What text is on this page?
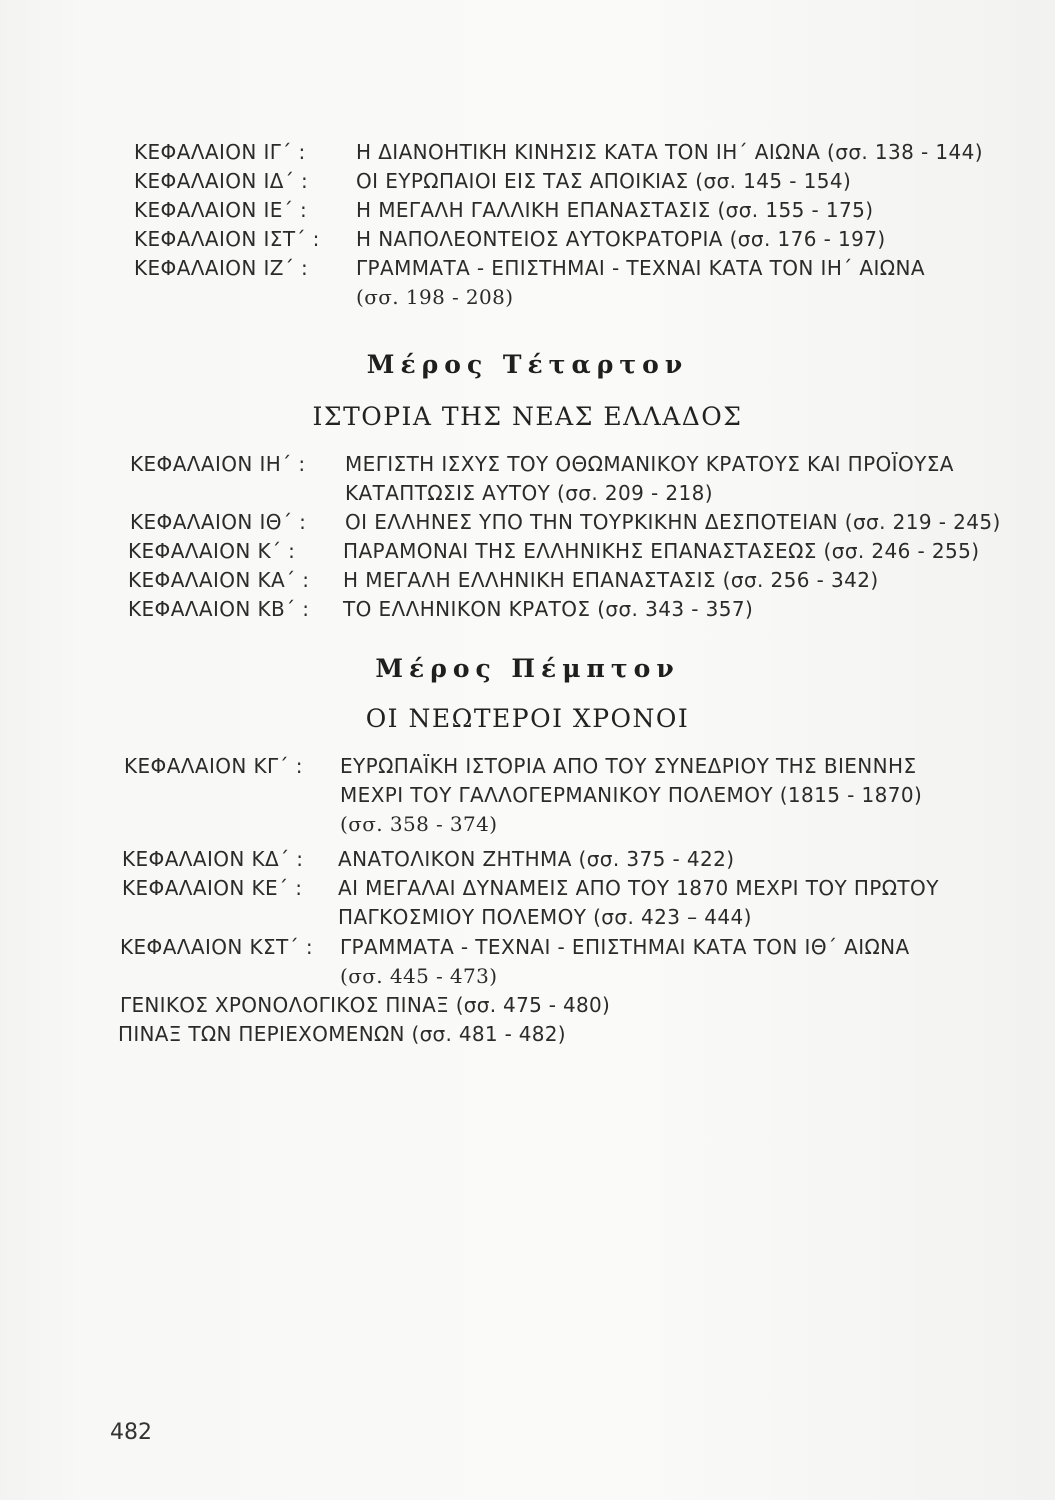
ΚΕΦΑΛΑΙΟΝ ΙΓ΄ :	Η ΔΙΑΝΟΗΤΙΚΗ ΚΙΝΗΣΙΣ ΚΑΤΑ ΤΟΝ ΙΗ΄ ΑΙΩΝΑ (σσ. 138 - 144)
ΚΕΦΑΛΑΙΟΝ ΙΔ΄ : ΟΙ ΕΥΡΩΠΑΙΟΙ ΕΙΣ ΤΑΣ ΑΠΟΙΚΙΑΣ (σσ. 145 - 154)
ΚΕΦΑΛΑΙΟΝ ΙΕ΄ : Η ΜΕΓΑΛΗ ΓΑΛΛΙΚΗ ΕΠΑΝΑΣΤΑΣΙΣ (σσ. 155 - 175)
ΚΕΦΑΛΑΙΟΝ ΙΣΤ΄ : Η ΝΑΠΟΛΕΟΝΤΕΙΟΣ ΑΥΤΟΚΡΑΤΟΡΙΑ (σσ. 176 - 197)
ΚΕΦΑΛΑΙΟΝ ΙΖ΄ : ΓΡΑΜΜΑΤΑ - ΕΠΙΣΤΗΜΑΙ - ΤΕΧΝΑΙ ΚΑΤΑ ΤΟΝ ΙΗ΄ ΑΙΩΝΑ
(σσ. 198 - 208)
Μέρος Τέταρτον
ΙΣΤΟΡΙΑ ΤΗΣ ΝΕΑΣ ΕΛΛΑΔΟΣ
ΚΕΦΑΛΑΙΟΝ ΙΗ΄ : ΜΕΓΙΣΤΗ ΙΣΧΥΣ ΤΟΥ ΟΘΩΜΑΝΙΚΟΥ ΚΡΑΤΟΥΣ ΚΑΙ ΠΡΟΪΟΥΣΑ
ΚΑΤΑΠΤΩΣΙΣ ΑΥΤΟΥ (σσ. 209 - 218)
ΚΕΦΑΛΑΙΟΝ ΙΘ΄ : ΟΙ ΕΛΛΗΝΕΣ ΥΠΟ ΤΗΝ ΤΟΥΡΚΙΚΗΝ ΔΕΣΠΟΤΕΙΑΝ (σσ. 219 - 245)
ΚΕΦΑΛΑΙΟΝ Κ΄ : ΠΑΡΑΜΟΝΑΙ ΤΗΣ ΕΛΛΗΝΙΚΗΣ ΕΠΑΝΑΣΤΑΣΕΩΣ (σσ. 246 - 255)
ΚΕΦΑΛΑΙΟΝ ΚΑ΄ : Η ΜΕΓΑΛΗ ΕΛΛΗΝΙΚΗ ΕΠΑΝΑΣΤΑΣΙΣ (σσ. 256 - 342)
ΚΕΦΑΛΑΙΟΝ ΚΒ΄ : ΤΟ ΕΛΛΗΝΙΚΟΝ ΚΡΑΤΟΣ (σσ. 343 - 357)
Μέρος Πέμπτον
ΟΙ ΝΕΩΤΕΡΟΙ ΧΡΟΝΟΙ
ΚΕΦΑΛΑΙΟΝ ΚΓ΄ : ΕΥΡΩΠΑΪΚΗ ΙΣΤΟΡΙΑ ΑΠΟ ΤΟΥ ΣΥΝΕΔΡΙΟΥ ΤΗΣ ΒΙΕΝΝΗΣ
ΜΕΧΡΙ ΤΟΥ ΓΑΛΛΟΓΕΡΜΑΝΙΚΟΥ ΠΟΛΕΜΟΥ (1815 - 1870)
(σσ. 358 - 374)
ΚΕΦΑΛΑΙΟΝ ΚΔ΄ : ΑΝΑΤΟΛΙΚΟΝ ΖΗΤΗΜΑ (σσ. 375 - 422)
ΚΕΦΑΛΑΙΟΝ ΚΕ΄ : ΑΙ ΜΕΓΑΛΑΙ ΔΥΝΑΜΕΙΣ ΑΠΟ ΤΟΥ 1870 ΜΕΧΡΙ ΤΟΥ ΠΡΩΤΟΥ
ΠΑΓΚΟΣΜΙΟΥ ΠΟΛΕΜΟΥ (σσ. 423 – 444)
ΚΕΦΑΛΑΙΟΝ ΚΣΤ΄ : ΓΡΑΜΜΑΤΑ - ΤΕΧΝΑΙ - ΕΠΙΣΤΗΜΑΙ ΚΑΤΑ ΤΟΝ ΙΘ΄ ΑΙΩΝΑ
(σσ. 445 - 473)
ΓΕΝΙΚΟΣ ΧΡΟΝΟΛΟΓΙΚΟΣ ΠΙΝΑΞ (σσ. 475 - 480)
ΠΙΝΑΞ ΤΩΝ ΠΕΡΙΕΧΟΜΕΝΩΝ (σσ. 481 - 482)
482
